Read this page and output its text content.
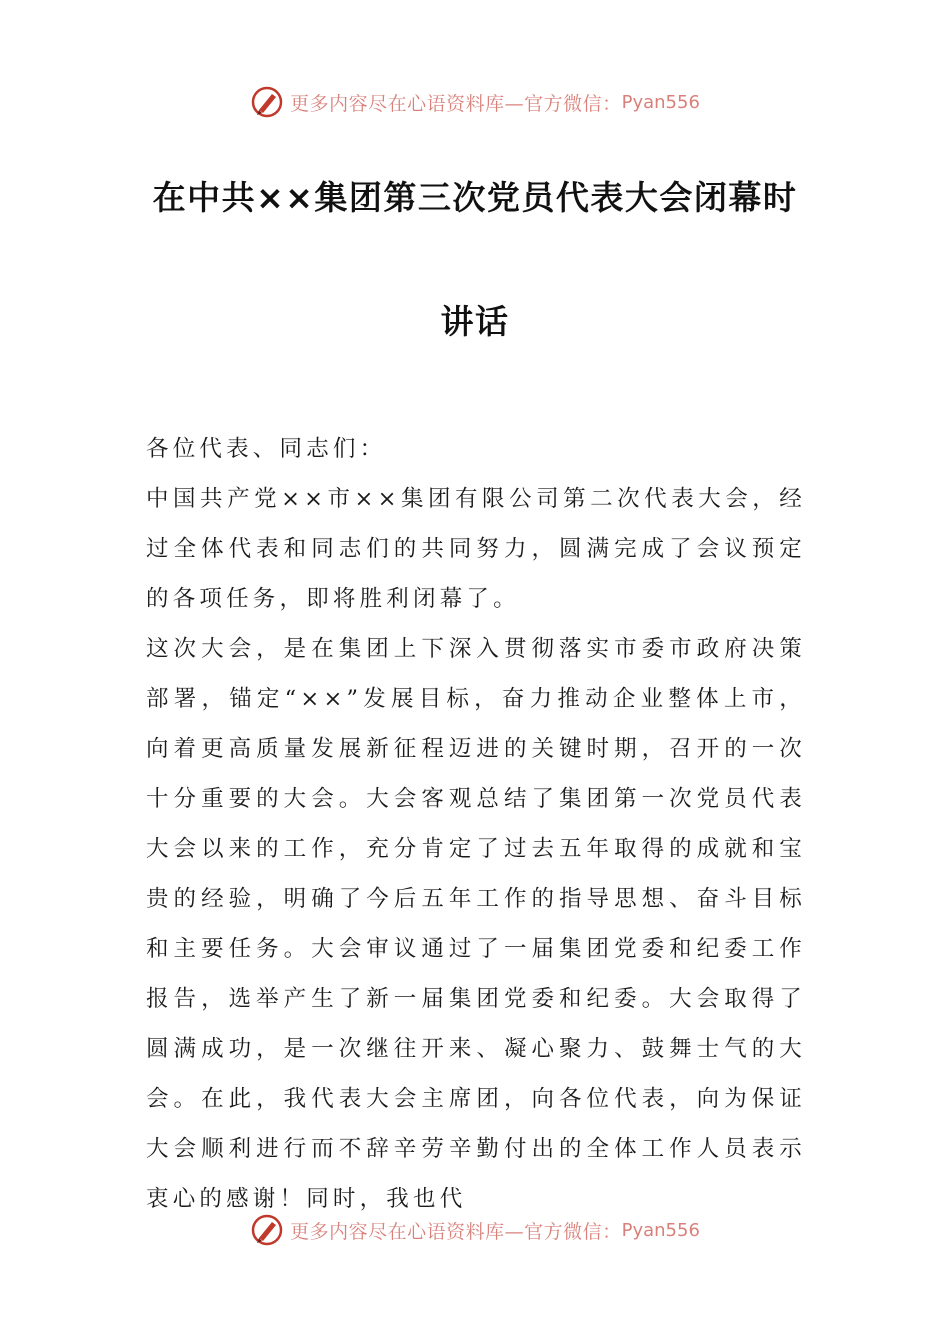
更多内容尽在心语资料库—官方微信： Pyan556
在中共××集团第三次党员代表大会闭幕时
讲话

各位代表、同志们：

中国共产党××市××集团有限公司第二次代表大会，经过全体代表和同志们的共同努力，圆满完成了会议预定的各项任务，即将胜利闭幕了。

这次大会，是在集团上下深入贯彻落实市委市政府决策部署，锚定“××”发展目标，奋力推动企业整体上市，向着更高质量发展新征程迈进的关键时期，召开的一次十分重要的大会。大会客观总结了集团第一次党员代表大会以来的工作，充分肯定了过去五年取得的成就和宝贵的经验，明确了今后五年工作的指导思想、奋斗目标和主要任务。大会审议通过了一届集团党委和纪委工作报告，选举产生了新一届集团党委和纪委。大会取得了圆满成功，是一次继往开来、凝心聚力、鼓舞士气的大会。在此，我代表大会主席团，向各位代表，向为保证大会顺利进行而不辞辛劳辛勤付出的全体工作人员表示衷心的感谢！同时，我也代

更多内容尽在心语资料库—官方微信： Pyan556
